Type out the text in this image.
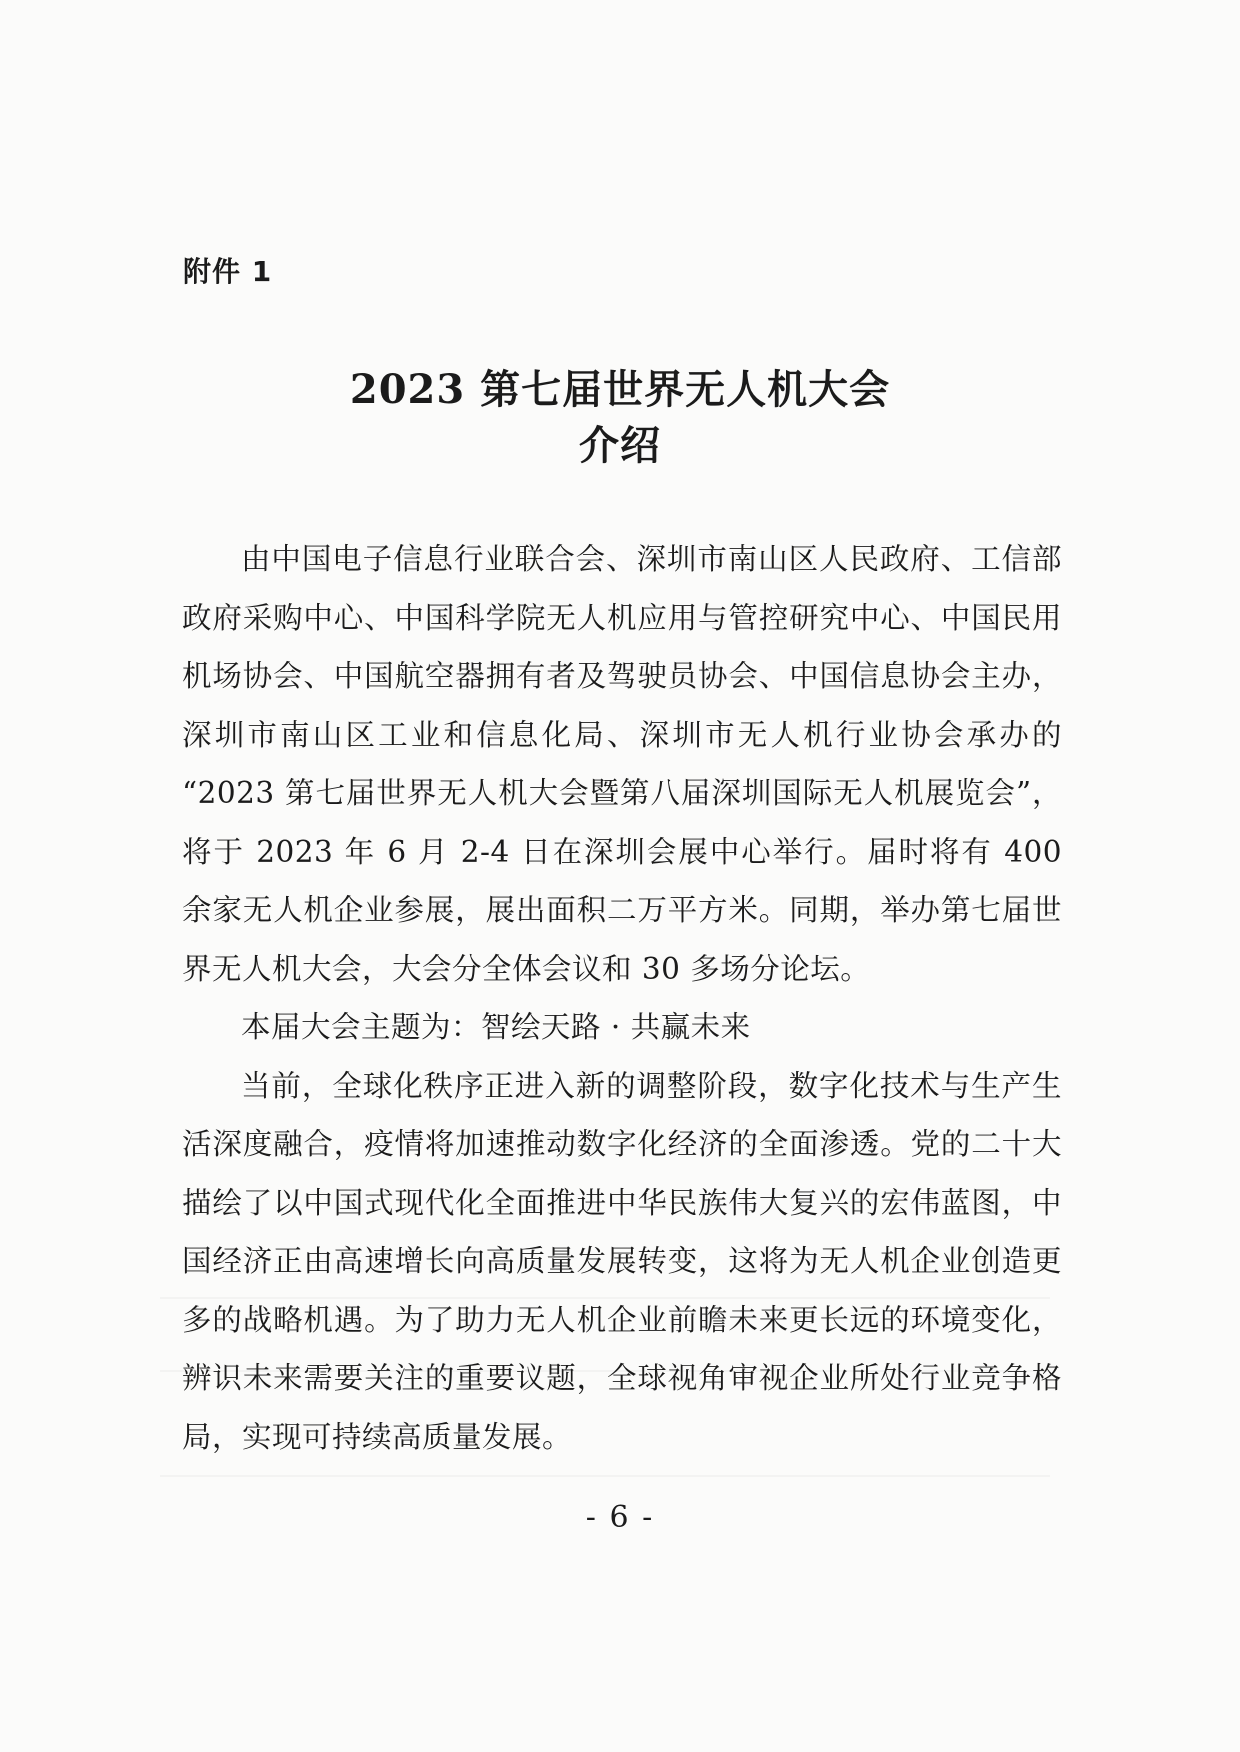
附件 1
2023 第七届世界无人机大会
介绍

由中国电子信息行业联合会、深圳市南山区人民政府、工信部政府采购中心、中国科学院无人机应用与管控研究中心、中国民用机场协会、中国航空器拥有者及驾驶员协会、中国信息协会主办，深圳市南山区工业和信息化局、深圳市无人机行业协会承办的 “2023 第七届世界无人机大会暨第八届深圳国际无人机展览会”，将于 2023 年 6 月 2-4 日在深圳会展中心举行。届时将有 400 余家无人机企业参展，展出面积二万平方米。同期，举办第七届世界无人机大会，大会分全体会议和 30 多场分论坛。

本届大会主题为：智绘天路 · 共赢未来

当前，全球化秩序正进入新的调整阶段，数字化技术与生产生活深度融合，疫情将加速推动数字化经济的全面渗透。党的二十大描绘了以中国式现代化全面推进中华民族伟大复兴的宏伟蓝图，中国经济正由高速增长向高质量发展转变，这将为无人机企业创造更多的战略机遇。为了助力无人机企业前瞻未来更长远的环境变化，辨识未来需要关注的重要议题，全球视角审视企业所处行业竞争格局，实现可持续高质量发展。

- 6 -
